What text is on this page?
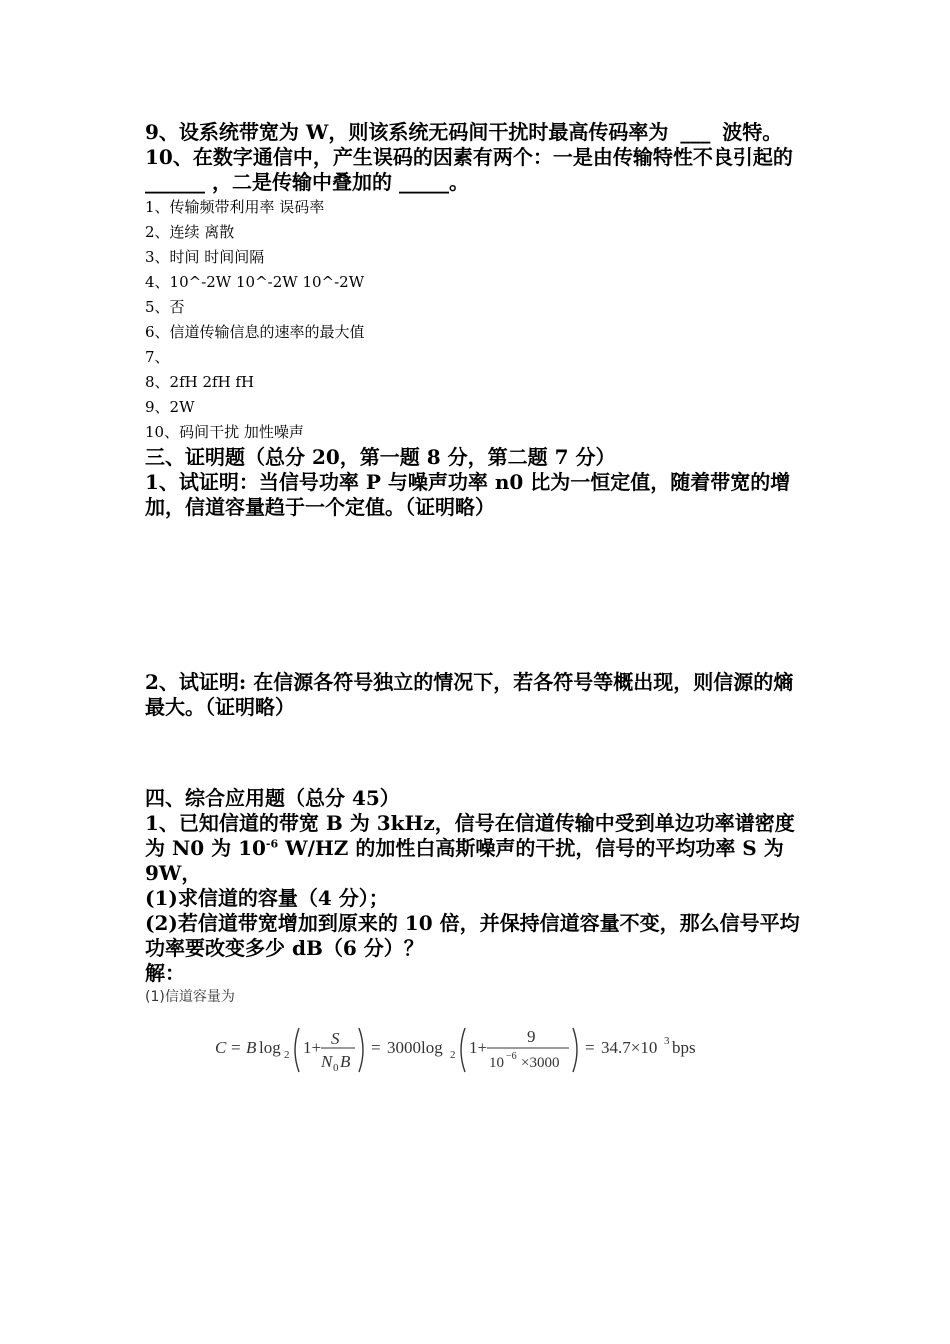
9、设系统带宽为 W，则该系统无码间干扰时最高传码率为 ___ 波特。

10、在数字通信中，产生误码的因素有两个：一是由传输特性不良引起的 ______ ，二是传输中叠加的 _____。

1、传输频带利用率 误码率

2、连续 离散

3、时间 时间间隔

4、10^-2W 10^-2W 10^-2W

5、否

6、信道传输信息的速率的最大值

7、

8、2fH 2fH fH

9、2W

10、码间干扰 加性噪声

三、证明题（总分 20，第一题 8 分，第二题 7 分）

1、试证明：当信号功率 P 与噪声功率 n0 比为一恒定值，随着带宽的增加，信道容量趋于一个定值。（证明略）

2、试证明: 在信源各符号独立的情况下，若各符号等概出现，则信源的熵最大。（证明略）

四、综合应用题（总分 45）

1、已知信道的带宽 B 为 3kHz，信号在信道传输中受到单边功率谱密度为 N0 为 $10^{-6}$ W/HZ 的加性白高斯噪声的干扰，信号的平均功率 S 为 9W，

(1)求信道的容量（4 分）；

(2)若信道带宽增加到原来的 10 倍，并保持信道容量不变，那么信号平均功率要改变多少 dB（6 分）？

解：

(1)信道容量为

C = B log 2 1+ S
N 0 B
= 3000log 2 1+
9
10 −6 ×3000
= 34.7×10 3 bps
